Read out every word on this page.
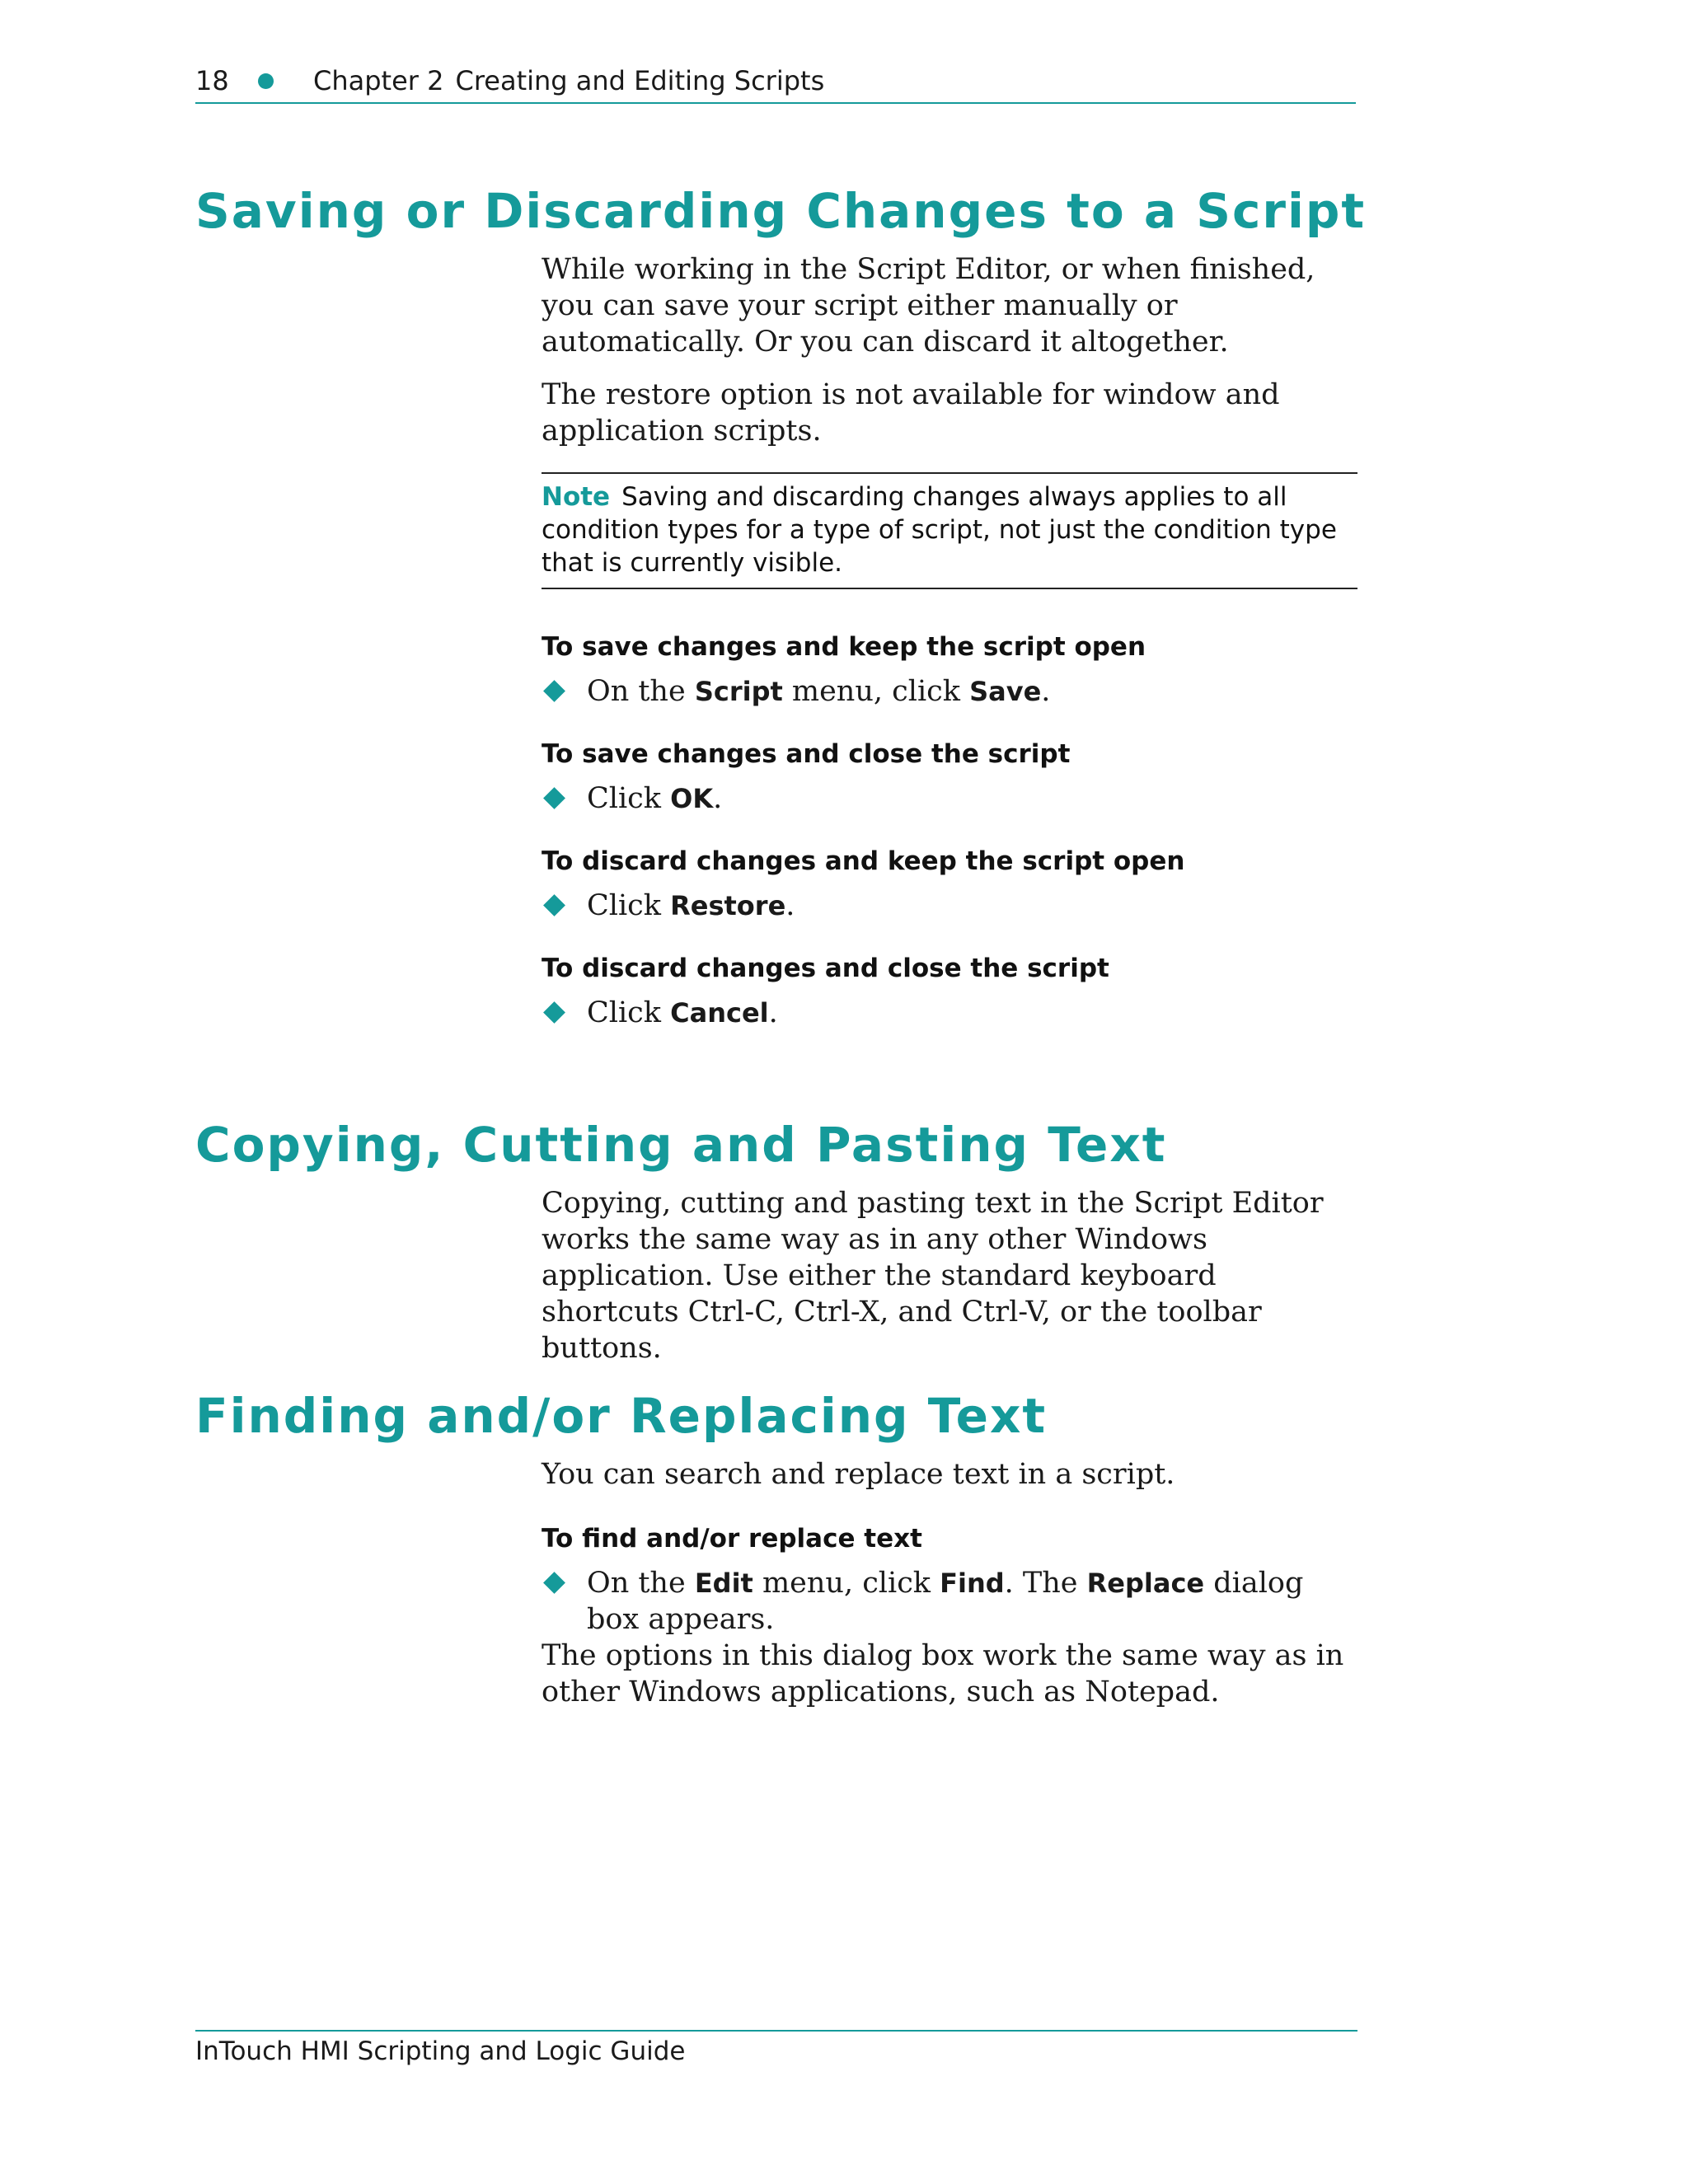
18	Chapter 2 Creating and Editing Scripts
Saving or Discarding Changes to a Script

While working in the Script Editor, or when finished, you can save your script either manually or automatically. Or you can discard it altogether.

The restore option is not available for window and application scripts.

Note Saving and discarding changes always applies to all condition types for a type of script, not just the condition type that is currently visible.
To save changes and keep the script open
On the Script menu, click Save.
To save changes and close the script
Click OK.
To discard changes and keep the script open
Click Restore.
To discard changes and close the script
Click Cancel.
Copying, Cutting and Pasting Text

Copying, cutting and pasting text in the Script Editor works the same way as in any other Windows application. Use either the standard keyboard shortcuts Ctrl-C, Ctrl-X, and Ctrl-V, or the toolbar buttons.

Finding and/or Replacing Text

You can search and replace text in a script.

To find and/or replace text
On the Edit menu, click Find. The Replace dialog box appears.

The options in this dialog box work the same way as in other Windows applications, such as Notepad.

InTouch HMI Scripting and Logic Guide
